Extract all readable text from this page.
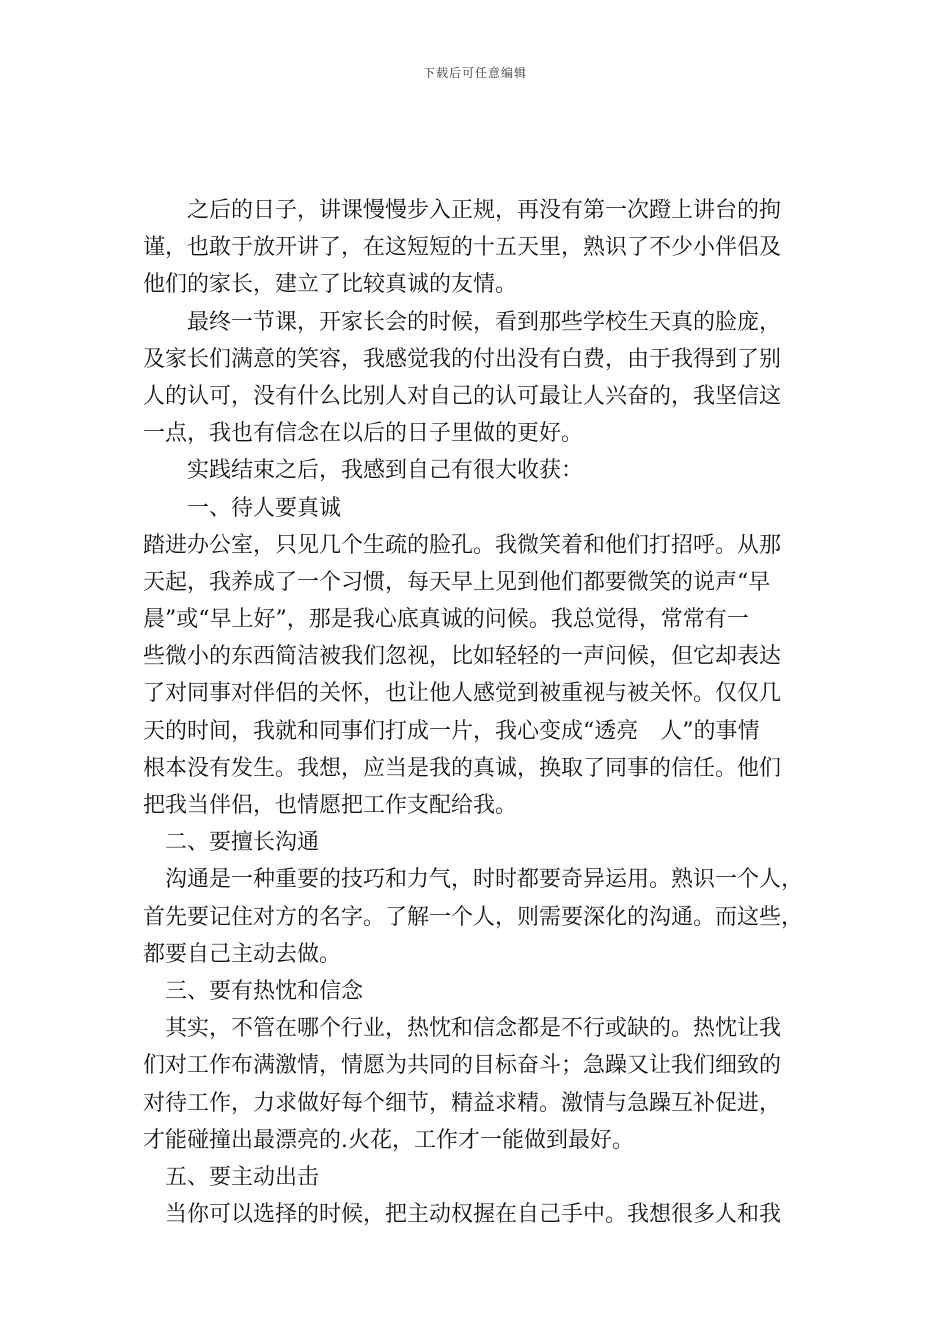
下载后可任意编辑
之后的日子，讲课慢慢步入正规，再没有第一次蹬上讲台的拘
谨，也敢于放开讲了，在这短短的十五天里，熟识了不少小伴侣及
他们的家长，建立了比较真诚的友情。
最终一节课，开家长会的时候，看到那些学校生天真的脸庞，
及家长们满意的笑容，我感觉我的付出没有白费，由于我得到了别
人的认可，没有什么比别人对自己的认可最让人兴奋的，我坚信这
一点，我也有信念在以后的日子里做的更好。
实践结束之后，我感到自己有很大收获：
一、待人要真诚
踏进办公室，只见几个生疏的脸孔。我微笑着和他们打招呼。从那
天起，我养成了一个习惯，每天早上见到他们都要微笑的说声“早
晨”或“早上好”，那是我心底真诚的问候。我总觉得，常常有一
些微小的东西简洁被我们忽视，比如轻轻的一声问候，但它却表达
了对同事对伴侣的关怀，也让他人感觉到被重视与被关怀。仅仅几
天的时间，我就和同事们打成一片，我心变成“透亮　人”的事情
根本没有发生。我想，应当是我的真诚，换取了同事的信任。他们
把我当伴侣，也情愿把工作支配给我。
二、要擅长沟通
沟通是一种重要的技巧和力气，时时都要奇异运用。熟识一个人，
首先要记住对方的名字。了解一个人，则需要深化的沟通。而这些，
都要自己主动去做。
三、要有热忱和信念
其实，不管在哪个行业，热忱和信念都是不行或缺的。热忱让我
们对工作布满激情，情愿为共同的目标奋斗；急躁又让我们细致的
对待工作，力求做好每个细节，精益求精。激情与急躁互补促进，
才能碰撞出最漂亮的.火花，工作才一能做到最好。
五、要主动出击
当你可以选择的时候，把主动权握在自己手中。我想很多人和我
